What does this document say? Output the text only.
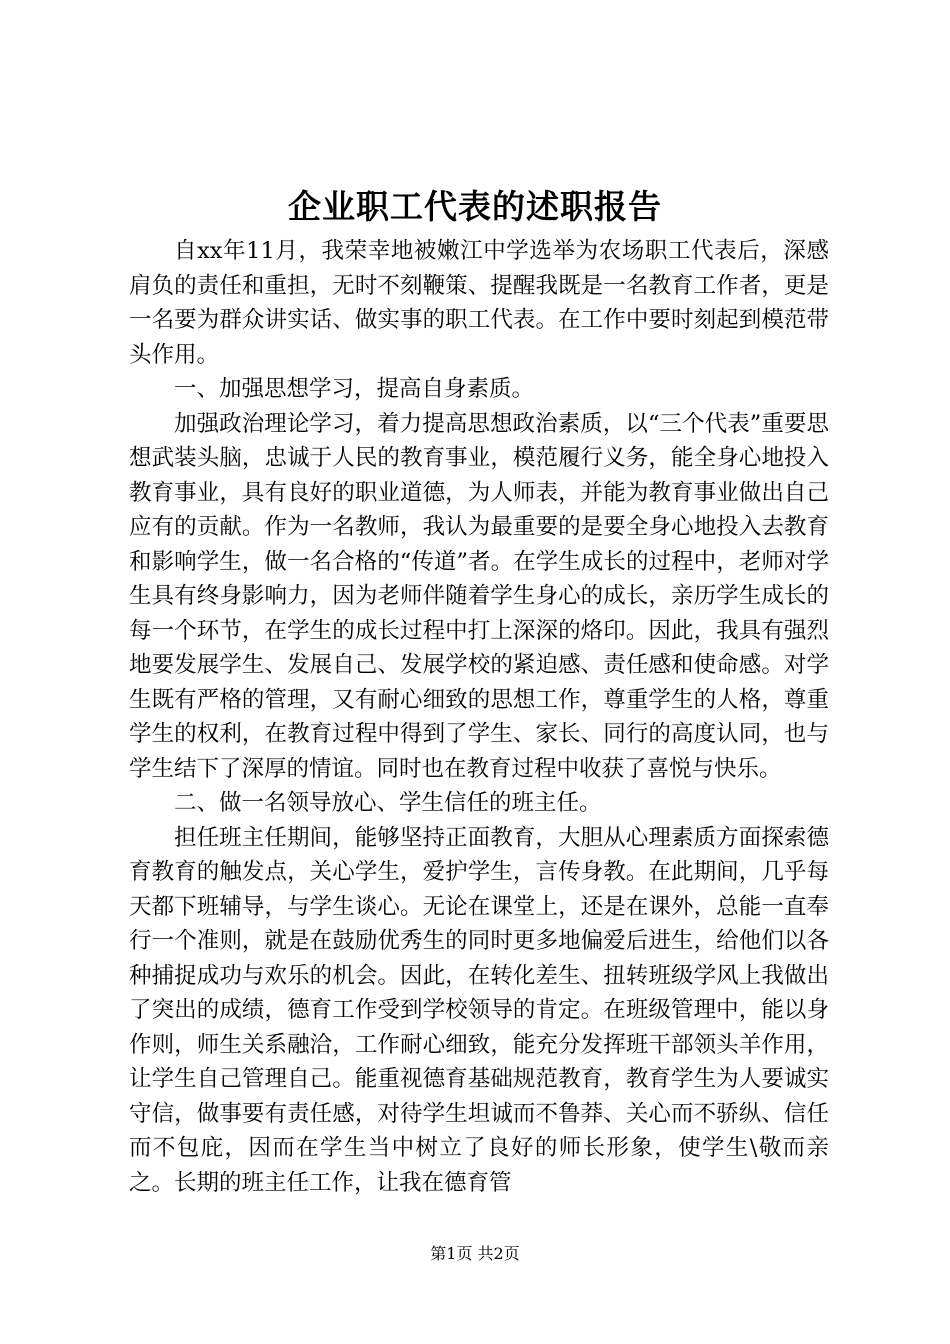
企业职工代表的述职报告

自xx年11月，我荣幸地被嫩江中学选举为农场职工代表后，深感肩负的责任和重担，无时不刻鞭策、提醒我既是一名教育工作者，更是一名要为群众讲实话、做实事的职工代表。在工作中要时刻起到模范带头作用。

一、加强思想学习，提高自身素质。

加强政治理论学习，着力提高思想政治素质，以“三个代表”重要思想武装头脑，忠诚于人民的教育事业，模范履行义务，能全身心地投入教育事业，具有良好的职业道德，为人师表，并能为教育事业做出自己应有的贡献。作为一名教师，我认为最重要的是要全身心地投入去教育和影响学生，做一名合格的“传道”者。在学生成长的过程中，老师对学生具有终身影响力，因为老师伴随着学生身心的成长，亲历学生成长的每一个环节，在学生的成长过程中打上深深的烙印。因此，我具有强烈地要发展学生、发展自己、发展学校的紧迫感、责任感和使命感。对学生既有严格的管理，又有耐心细致的思想工作，尊重学生的人格，尊重学生的权利，在教育过程中得到了学生、家长、同行的高度认同，也与学生结下了深厚的情谊。同时也在教育过程中收获了喜悦与快乐。

二、做一名领导放心、学生信任的班主任。

担任班主任期间，能够坚持正面教育，大胆从心理素质方面探索德育教育的触发点，关心学生，爱护学生，言传身教。在此期间，几乎每天都下班辅导，与学生谈心。无论在课堂上，还是在课外，总能一直奉行一个准则，就是在鼓励优秀生的同时更多地偏爱后进生，给他们以各种捕捉成功与欢乐的机会。因此，在转化差生、扭转班级学风上我做出了突出的成绩，德育工作受到学校领导的肯定。在班级管理中，能以身作则，师生关系融洽，工作耐心细致，能充分发挥班干部领头羊作用，让学生自己管理自己。能重视德育基础规范教育，教育学生为人要诚实守信，做事要有责任感，对待学生坦诚而不鲁莽、关心而不骄纵、信任而不包庇，因而在学生当中树立了良好的师长形象，使学生\敬而亲之。长期的班主任工作，让我在德育管

第1页 共2页
